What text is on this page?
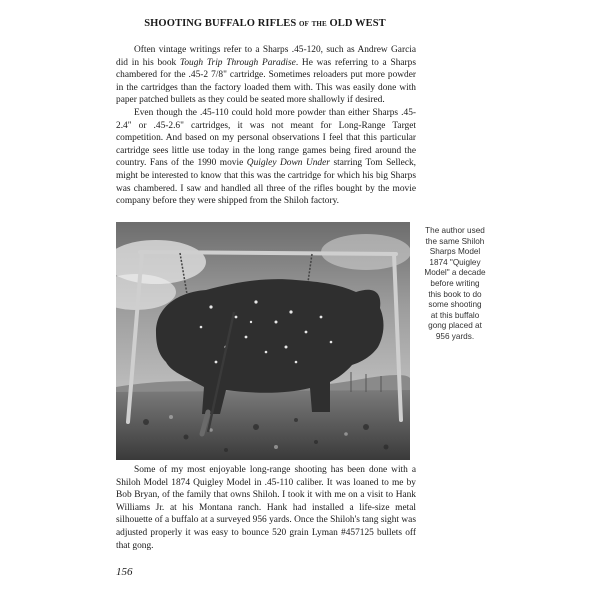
SHOOTING BUFFALO RIFLES of the OLD WEST

Often vintage writings refer to a Sharps .45-120, such as Andrew Garcia did in his book Tough Trip Through Paradise. He was referring to a Sharps chambered for the .45-2 7/8" cartridge. Sometimes reloaders put more powder in the cartridges than the factory loaded them with. This was easily done with paper patched bullets as they could be seated more shallowly if desired.

Even though the .45-110 could hold more powder than either Sharps .45-2.4" or .45-2.6" cartridges, it was not meant for Long-Range Target competition. And based on my personal observations I feel that this particular cartridge sees little use today in the long range games being fired around the country. Fans of the 1990 movie Quigley Down Under starring Tom Selleck, might be interested to know that this was the cartridge for which his big Sharps was chambered. I saw and handled all three of the rifles bought by the movie company before they were shipped from the Shiloh factory.

The author used the same Shiloh Sharps Model 1874 "Quigley Model" a decade before writing this book to do some shooting at this buffalo gong placed at 956 yards.

Some of my most enjoyable long-range shooting has been done with a Shiloh Model 1874 Quigley Model in .45-110 caliber. It was loaned to me by Bob Bryan, of the family that owns Shiloh. I took it with me on a visit to Hank Williams Jr. at his Montana ranch. Hank had installed a life-size metal silhouette of a buffalo at a surveyed 956 yards. Once the Shiloh's tang sight was adjusted properly it was easy to bounce 520 grain Lyman #457125 bullets off that gong.

156
